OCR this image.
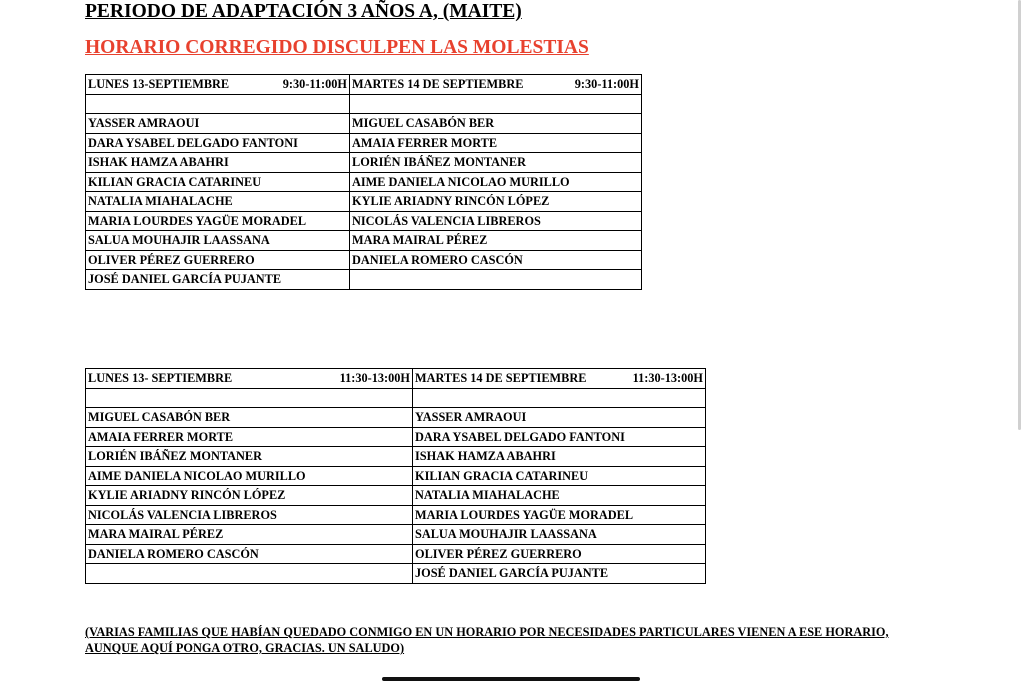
PERIODO DE ADAPTACIÓN 3 AÑOS A, (MAITE)
HORARIO CORREGIDO DISCULPEN LAS MOLESTIAS
LUNES 13-SEPTIEMBRE 9:30-11:00H	MARTES 14 DE SEPTIEMBRE 9:30-11:00H

YASSER AMRAOUI	MIGUEL CASABÓN BER
DARA YSABEL DELGADO FANTONI	AMAIA FERRER MORTE
ISHAK HAMZA ABAHRI	LORIÉN IBÁÑEZ MONTANER
KILIAN GRACIA CATARINEU	AIME DANIELA NICOLAO MURILLO
NATALIA MIAHALACHE	KYLIE ARIADNY RINCÓN LÓPEZ
MARIA LOURDES YAGÜE MORADEL	NICOLÁS VALENCIA LIBREROS
SALUA MOUHAJIR LAASSANA	MARA MAIRAL PÉREZ
OLIVER PÉREZ GUERRERO	DANIELA ROMERO CASCÓN
JOSÉ DANIEL GARCÍA PUJANTE	
LUNES 13- SEPTIEMBRE 11:30-13:00H	MARTES 14 DE SEPTIEMBRE 11:30-13:00H

MIGUEL CASABÓN BER	YASSER AMRAOUI
AMAIA FERRER MORTE	DARA YSABEL DELGADO FANTONI
LORIÉN IBÁÑEZ MONTANER	ISHAK HAMZA ABAHRI
AIME DANIELA NICOLAO MURILLO	KILIAN GRACIA CATARINEU
KYLIE ARIADNY RINCÓN LÓPEZ	NATALIA MIAHALACHE
NICOLÁS VALENCIA LIBREROS	MARIA LOURDES YAGÜE MORADEL
MARA MAIRAL PÉREZ	SALUA MOUHAJIR LAASSANA
DANIELA ROMERO CASCÓN	OLIVER PÉREZ GUERRERO
	JOSÉ DANIEL GARCÍA PUJANTE

(VARIAS FAMILIAS QUE HABÍAN QUEDADO CONMIGO EN UN HORARIO POR NECESIDADES PARTICULARES VIENEN A ESE HORARIO, AUNQUE AQUÍ PONGA OTRO, GRACIAS. UN SALUDO)
